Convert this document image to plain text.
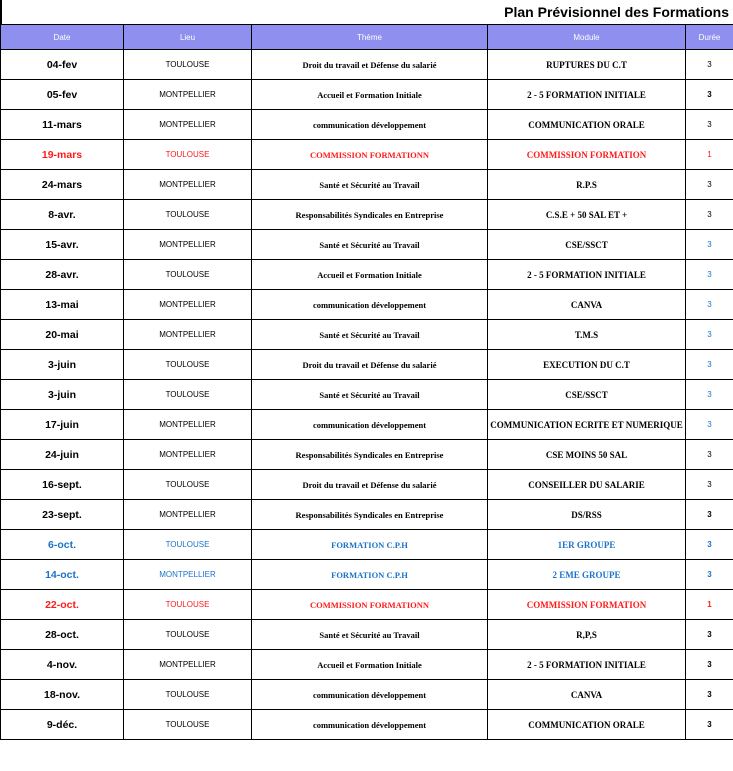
Plan Prévisionnel des Formations
Date	Lieu	Thème	Module	Durée
04-fev	TOULOUSE	Droit du travail et Défense du salarié	RUPTURES DU C.T	3
05-fev	MONTPELLIER	Accueil et Formation Initiale	2 - 5 FORMATION INITIALE	3
11-mars	MONTPELLIER	communication développement	COMMUNICATION ORALE	3
19-mars	TOULOUSE	COMMISSION FORMATIONN	COMMISSION FORMATION	1
24-mars	MONTPELLIER	Santé et Sécurité au Travail	R.P.S	3
8-avr.	TOULOUSE	Responsabilités Syndicales en Entreprise	C.S.E + 50 SAL ET +	3
15-avr.	MONTPELLIER	Santé et Sécurité au Travail	CSE/SSCT	3
28-avr.	TOULOUSE	Accueil et Formation Initiale	2 - 5 FORMATION INITIALE	3
13-mai	MONTPELLIER	communication développement	CANVA	3
20-mai	MONTPELLIER	Santé et Sécurité au Travail	T.M.S	3
3-juin	TOULOUSE	Droit du travail et Défense du salarié	EXECUTION DU C.T	3
3-juin	TOULOUSE	Santé et Sécurité au Travail	CSE/SSCT	3
17-juin	MONTPELLIER	communication développement	COMMUNICATION ECRITE ET NUMERIQUE	3
24-juin	MONTPELLIER	Responsabilités Syndicales en Entreprise	CSE MOINS 50 SAL	3
16-sept.	TOULOUSE	Droit du travail et Défense du salarié	CONSEILLER DU SALARIE	3
23-sept.	MONTPELLIER	Responsabilités Syndicales en Entreprise	DS/RSS	3
6-oct.	TOULOUSE	FORMATION C.P.H	1ER GROUPE	3
14-oct.	MONTPELLIER	FORMATION C.P.H	2 EME GROUPE	3
22-oct.	TOULOUSE	COMMISSION FORMATIONN	COMMISSION FORMATION	1
28-oct.	TOULOUSE	Santé et Sécurité au Travail	R,P,S	3
4-nov.	MONTPELLIER	Accueil et Formation Initiale	2 - 5 FORMATION INITIALE	3
18-nov.	TOULOUSE	communication développement	CANVA	3
9-déc.	TOULOUSE	communication développement	COMMUNICATION ORALE	3
